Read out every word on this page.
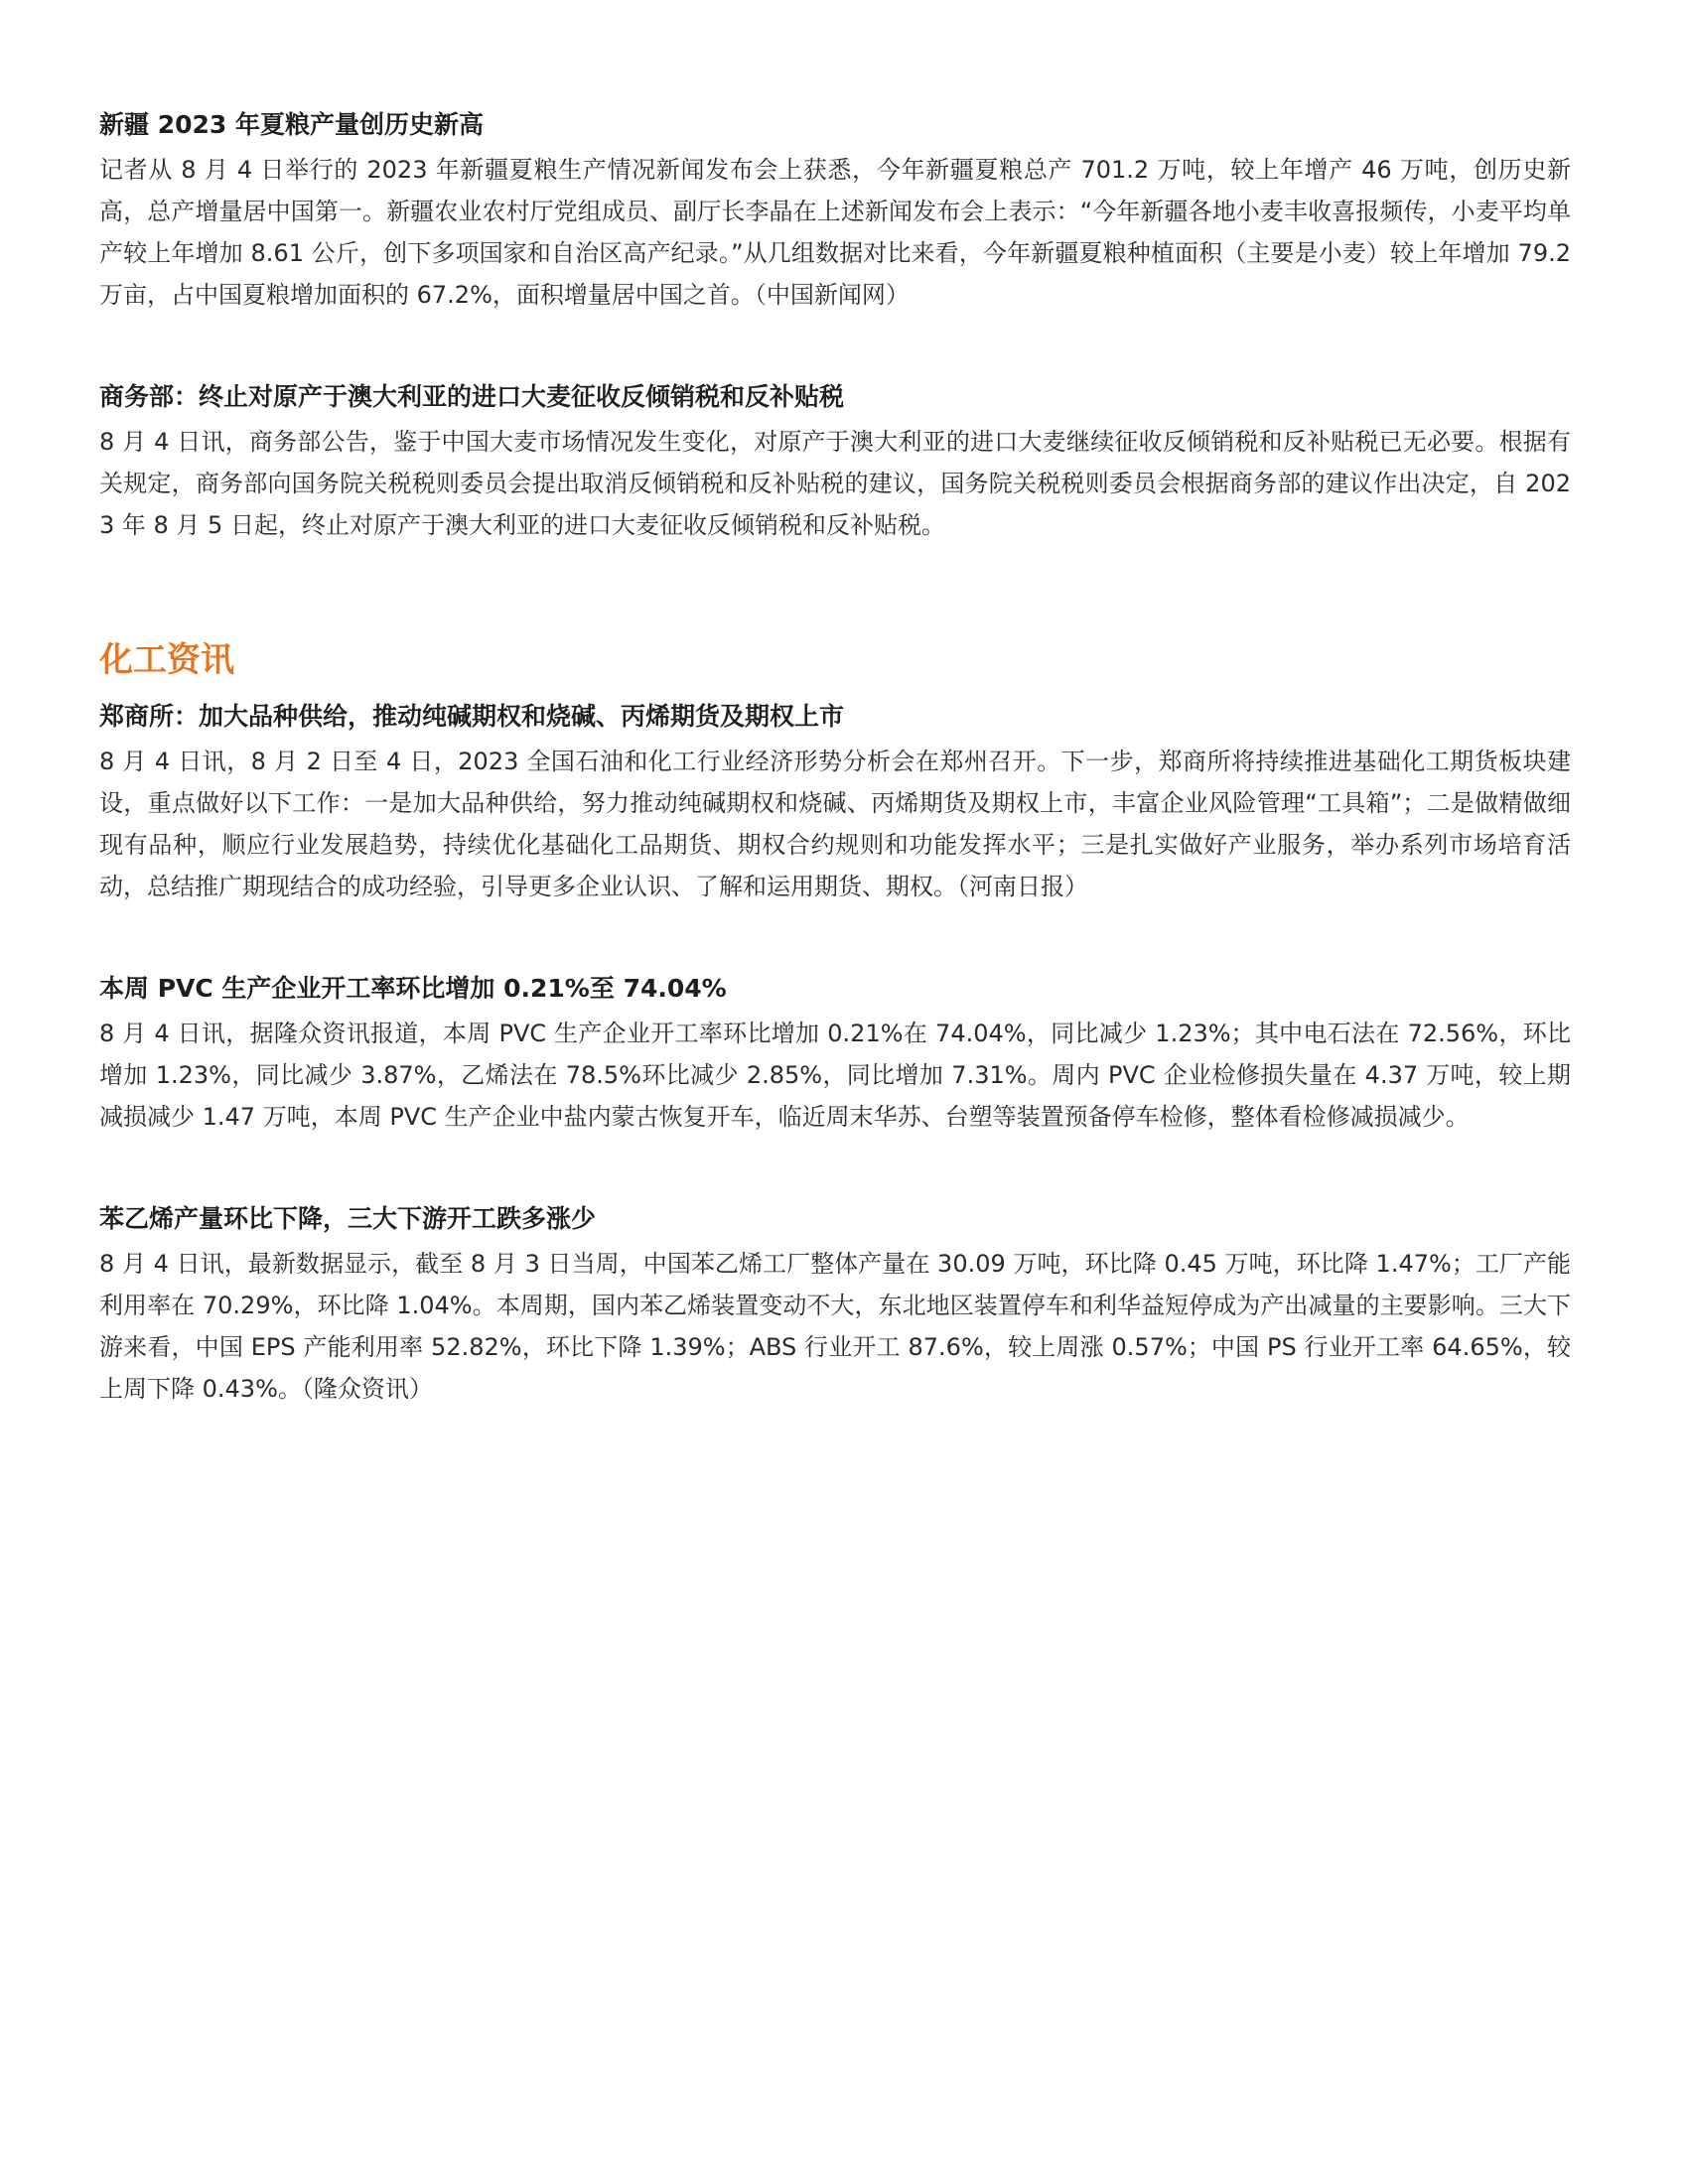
新疆 2023 年夏粮产量创历史新高

记者从 8 月 4 日举行的 2023 年新疆夏粮生产情况新闻发布会上获悉，今年新疆夏粮总产 701.2 万吨，较上年增产 46 万吨，创历史新高，总产增量居中国第一。新疆农业农村厅党组成员、副厅长李晶在上述新闻发布会上表示：“今年新疆各地小麦丰收喜报频传，小麦平均单产较上年增加 8.61 公斤，创下多项国家和自治区高产纪录。”从几组数据对比来看，今年新疆夏粮种植面积（主要是小麦）较上年增加 79.2 万亩，占中国夏粮增加面积的 67.2%，面积增量居中国之首。（中国新闻网）

商务部：终止对原产于澳大利亚的进口大麦征收反倾销税和反补贴税

8 月 4 日讯，商务部公告，鉴于中国大麦市场情况发生变化，对原产于澳大利亚的进口大麦继续征收反倾销税和反补贴税已无必要。根据有关规定，商务部向国务院关税税则委员会提出取消反倾销税和反补贴税的建议，国务院关税税则委员会根据商务部的建议作出决定，自 2023 年 8 月 5 日起，终止对原产于澳大利亚的进口大麦征收反倾销税和反补贴税。

化工资讯
郑商所：加大品种供给，推动纯碱期权和烧碱、丙烯期货及期权上市

8 月 4 日讯，8 月 2 日至 4 日，2023 全国石油和化工行业经济形势分析会在郑州召开。下一步，郑商所将持续推进基础化工期货板块建设，重点做好以下工作：一是加大品种供给，努力推动纯碱期权和烧碱、丙烯期货及期权上市，丰富企业风险管理“工具箱”；二是做精做细现有品种，顺应行业发展趋势，持续优化基础化工品期货、期权合约规则和功能发挥水平；三是扎实做好产业服务，举办系列市场培育活动，总结推广期现结合的成功经验，引导更多企业认识、了解和运用期货、期权。（河南日报）

本周 PVC 生产企业开工率环比增加 0.21%至 74.04%

8 月 4 日讯，据隆众资讯报道，本周 PVC 生产企业开工率环比增加 0.21%在 74.04%，同比减少 1.23%；其中电石法在 72.56%，环比增加 1.23%，同比减少 3.87%，乙烯法在 78.5%环比减少 2.85%，同比增加 7.31%。周内 PVC 企业检修损失量在 4.37 万吨，较上期减损减少 1.47 万吨，本周 PVC 生产企业中盐内蒙古恢复开车，临近周末华苏、台塑等装置预备停车检修，整体看检修减损减少。

苯乙烯产量环比下降，三大下游开工跌多涨少

8 月 4 日讯，最新数据显示，截至 8 月 3 日当周，中国苯乙烯工厂整体产量在 30.09 万吨，环比降 0.45 万吨，环比降 1.47%；工厂产能利用率在 70.29%，环比降 1.04%。本周期，国内苯乙烯装置变动不大，东北地区装置停车和利华益短停成为产出减量的主要影响。三大下游来看，中国 EPS 产能利用率 52.82%，环比下降 1.39%；ABS 行业开工 87.6%，较上周涨 0.57%；中国 PS 行业开工率 64.65%，较上周下降 0.43%。（隆众资讯）
